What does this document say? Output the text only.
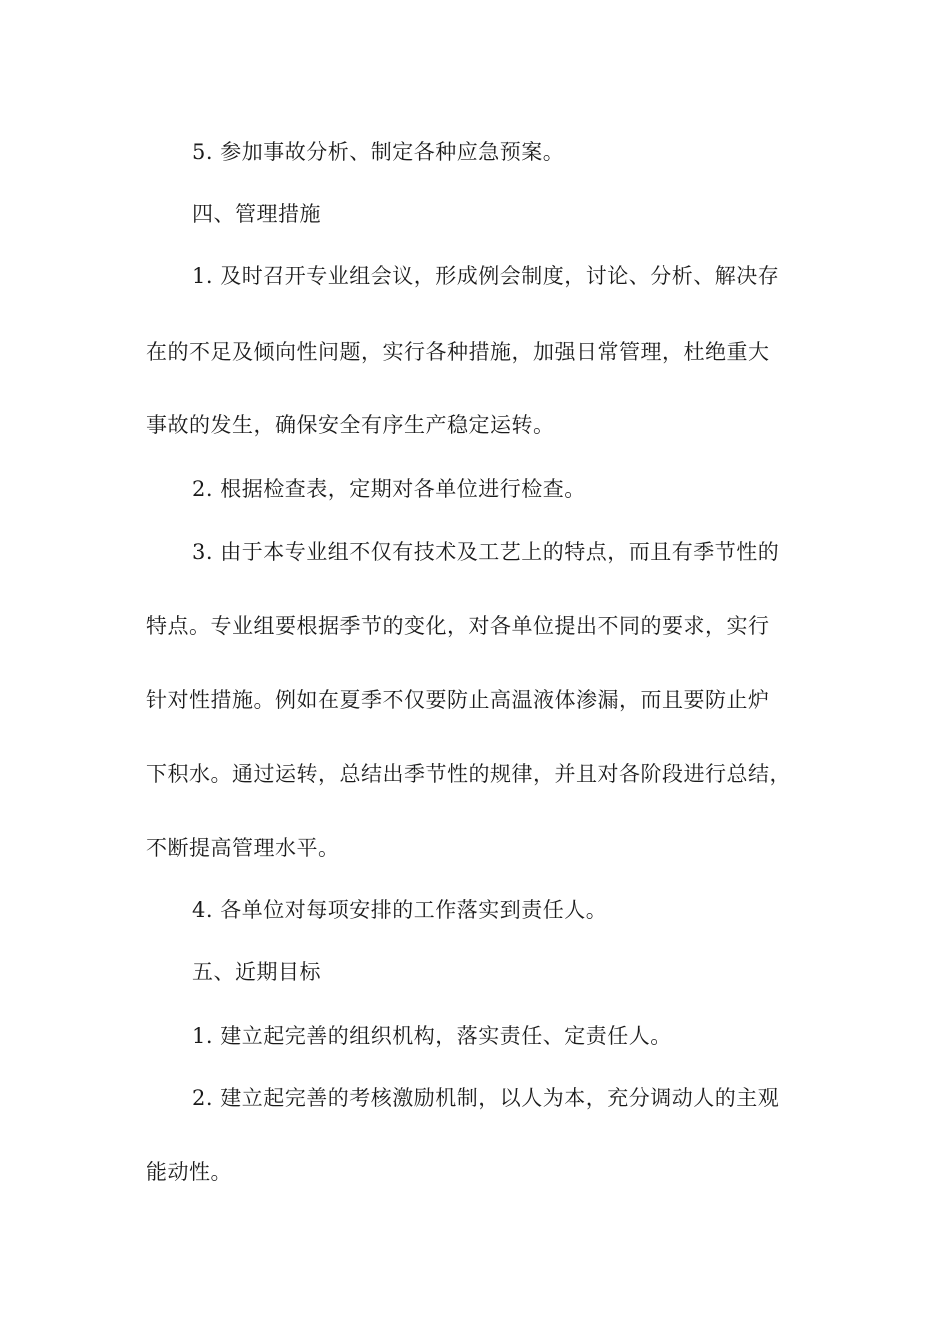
5. 参加事故分析、制定各种应急预案。
四、管理措施
1. 及时召开专业组会议，形成例会制度，讨论、分析、解决存
在的不足及倾向性问题，实行各种措施，加强日常管理，杜绝重大
事故的发生，确保安全有序生产稳定运转。
2. 根据检查表，定期对各单位进行检查。
3. 由于本专业组不仅有技术及工艺上的特点，而且有季节性的
特点。专业组要根据季节的变化，对各单位提出不同的要求，实行
针对性措施。例如在夏季不仅要防止高温液体渗漏，而且要防止炉
下积水。通过运转，总结出季节性的规律，并且对各阶段进行总结，
不断提高管理水平。
4. 各单位对每项安排的工作落实到责任人。
五、近期目标
1. 建立起完善的组织机构，落实责任、定责任人。
2. 建立起完善的考核激励机制，以人为本，充分调动人的主观
能动性。
